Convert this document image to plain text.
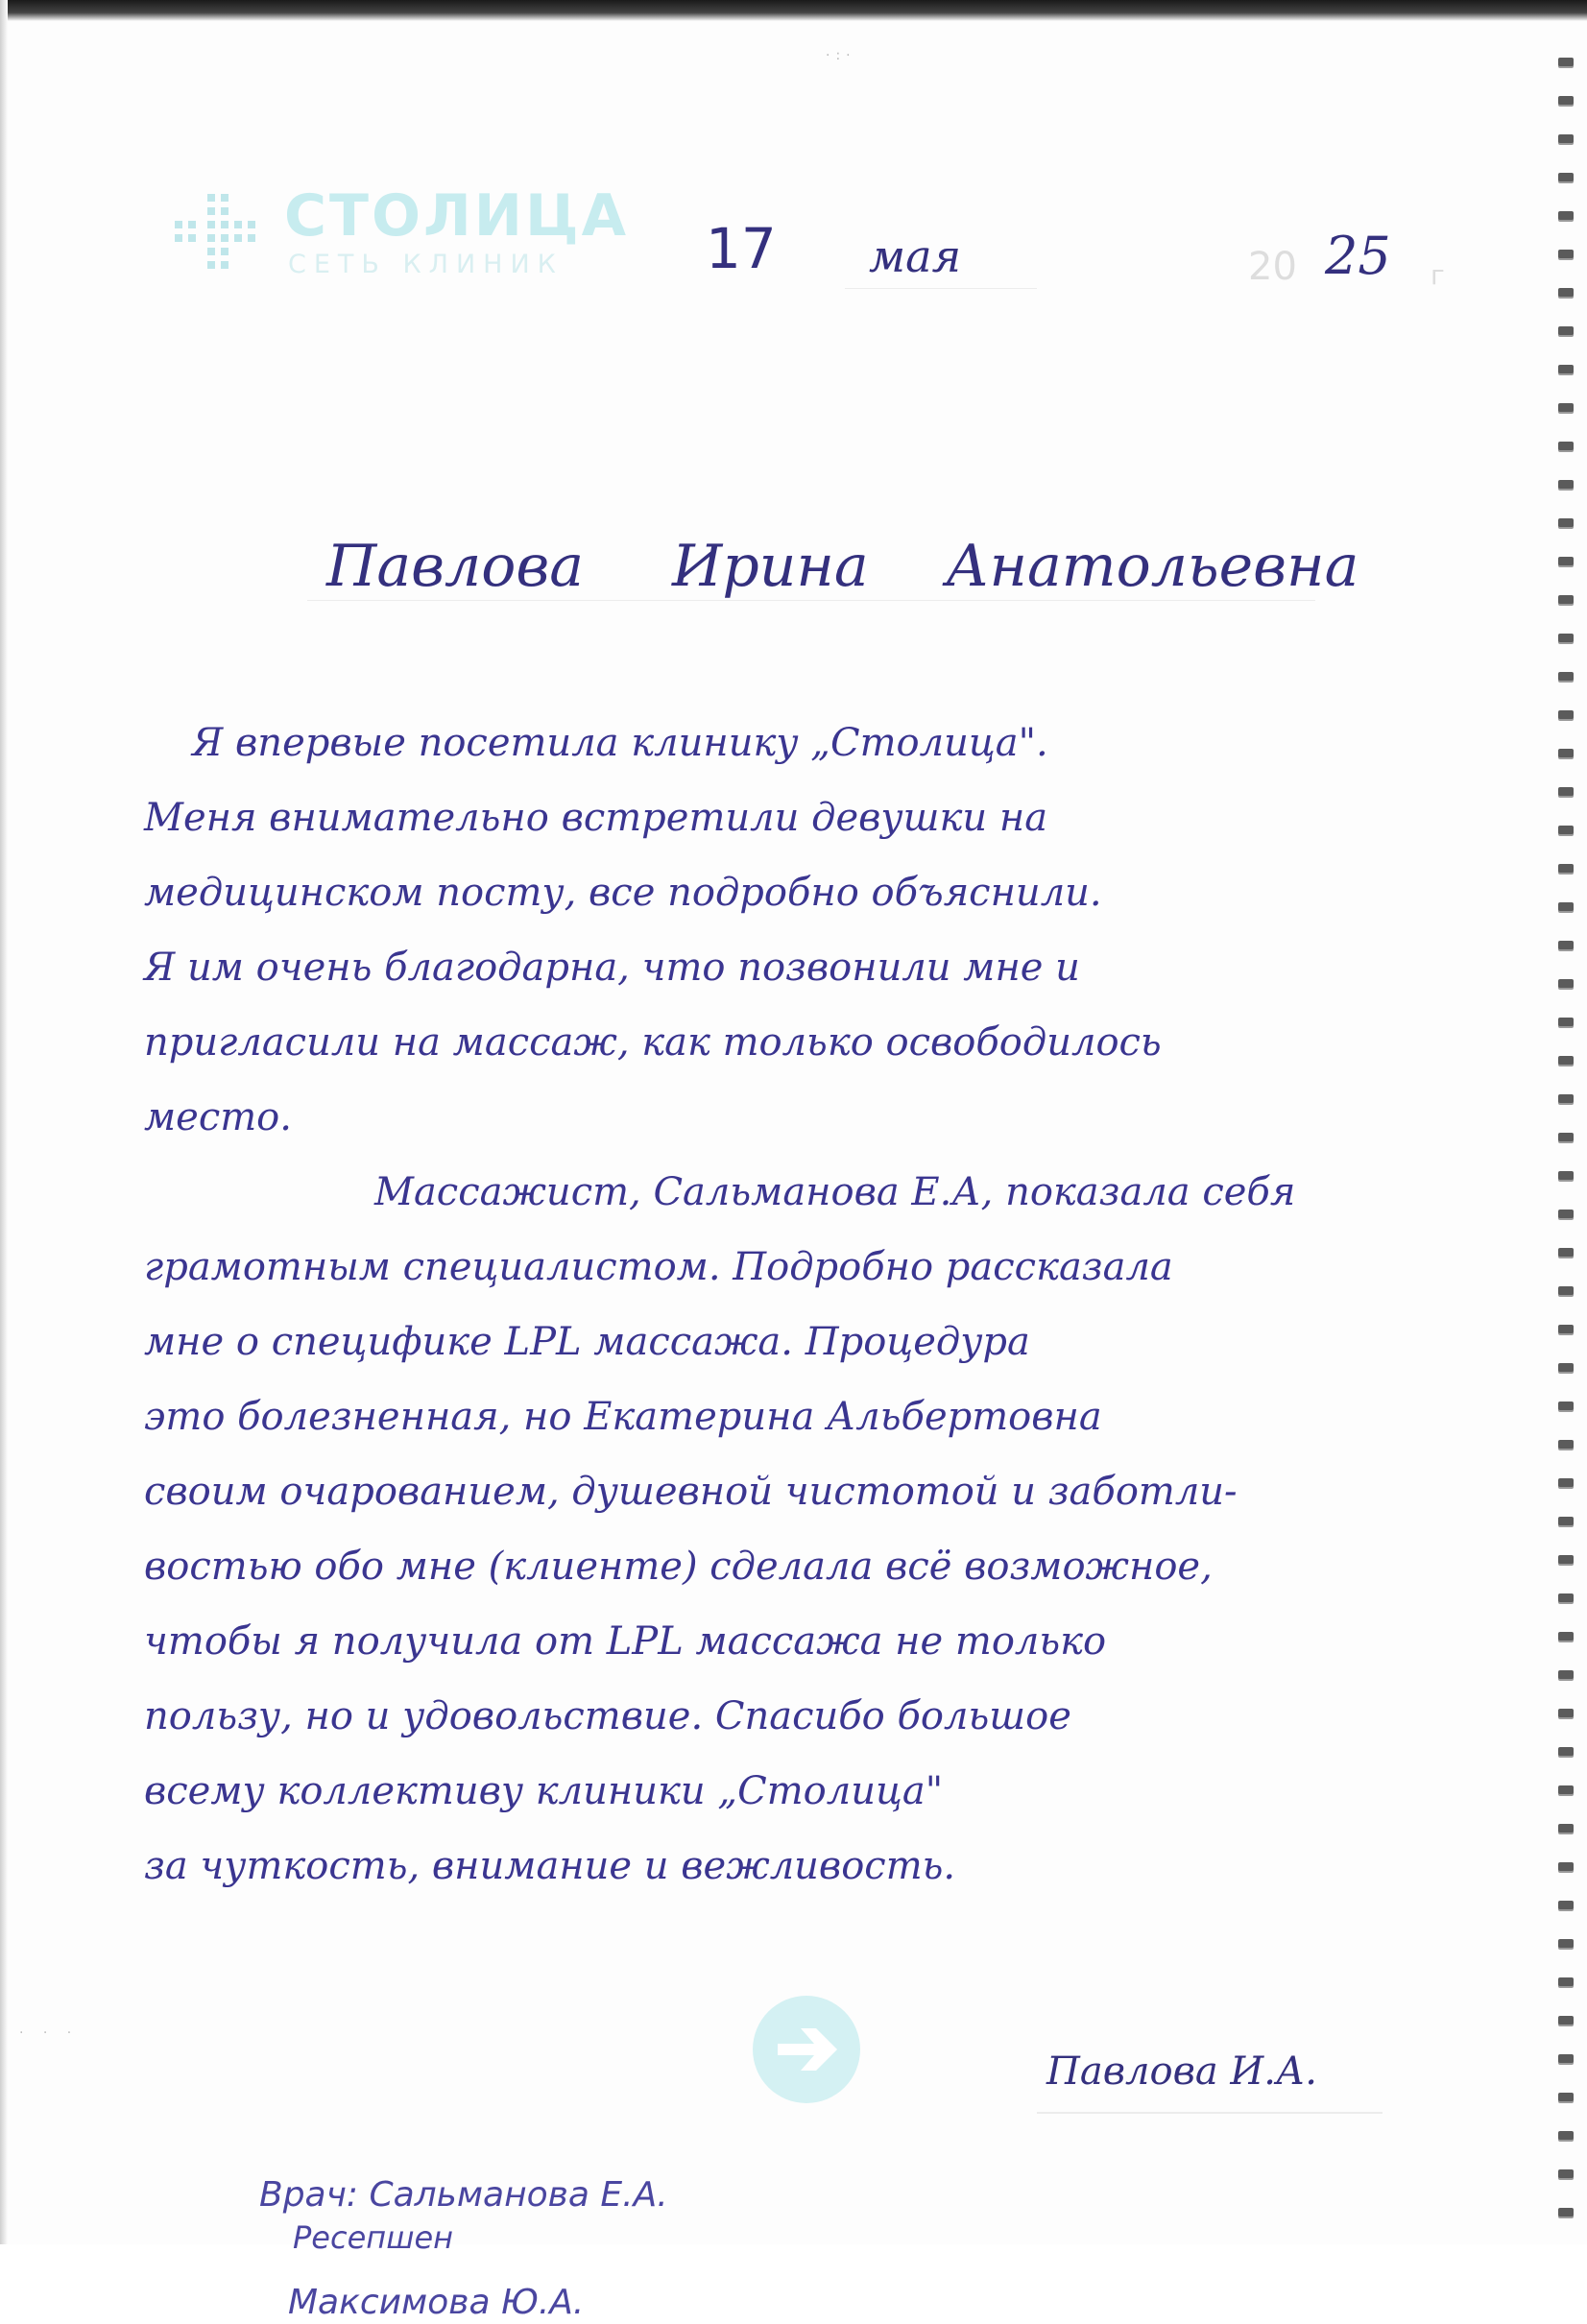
·:·
СТОЛИЦА
СЕТЬ КЛИНИК	17 мая	20 25 г
Павлова Ирина Анатольевна
Я впервые посетила клинику „Столица".
Меня внимательно встретили девушки на
медицинском посту, все подробно объяснили.
Я им очень благодарна, что позвонили мне и
пригласили на массаж, как только освободилось
место.
Массажист, Сальманова Е.А, показала себя
грамотным специалистом. Подробно рассказала
мне о специфике LPL массажа. Процедура
это болезненная, но Екатерина Альбертовна
своим очарованием, душевной чистотой и заботли-
востью обо мне (клиенте) сделала всё возможное,
чтобы я получила от LPL массажа не только
пользу, но и удовольствие. Спасибо большое
всему коллективу клиники „Столица"
за чуткость, внимание и вежливость.
Павлова И.А.
· · ·
Врач: Сальманова Е.А.
Ресепшен
Максимова Ю.А.
